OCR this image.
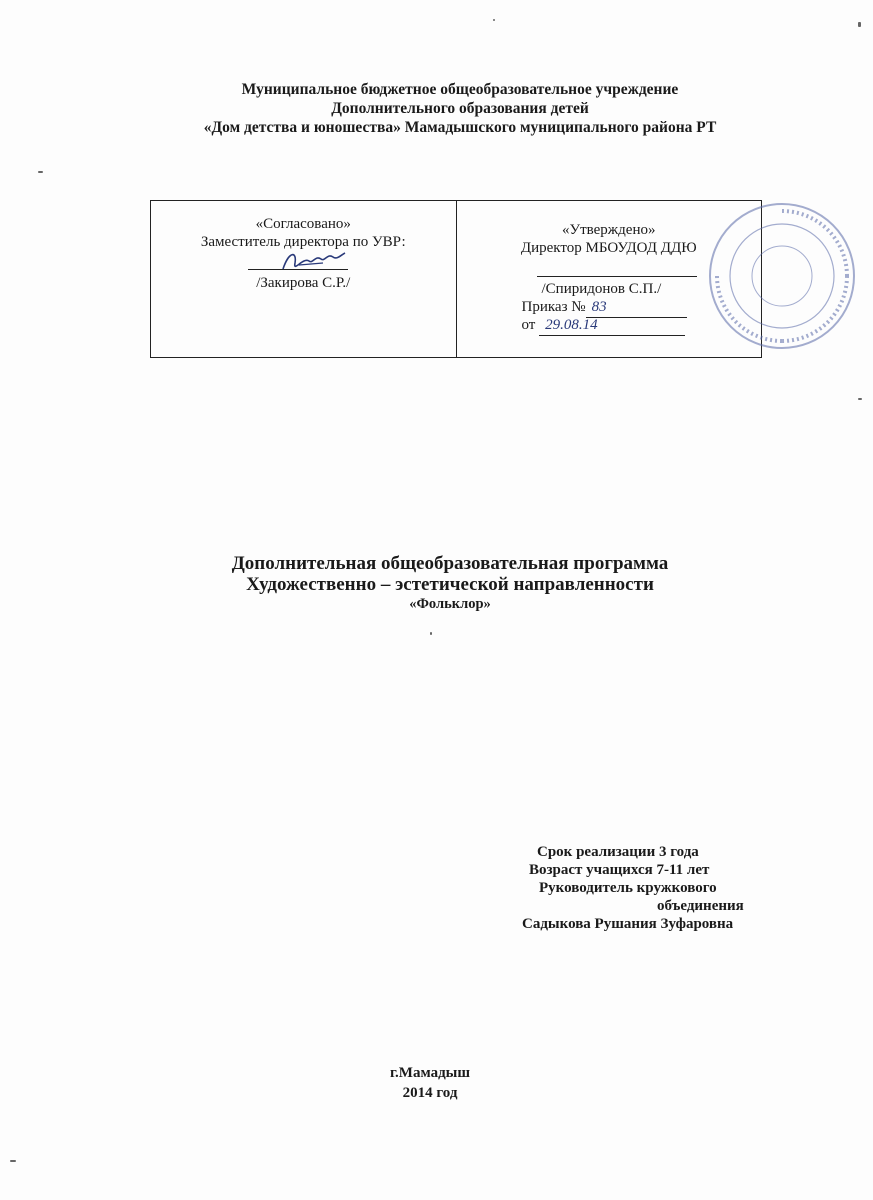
Муниципальное бюджетное общеобразовательное учреждение
Дополнительного образования детей
«Дом детства и юношества» Мамадышского муниципального района РТ
«Согласовано»
Заместитель директора по УВР:
/Закирова С.Р./
«Утверждено»
Директор МБОУДОД ДДЮ
/Спиридонов С.П./
Приказ № 83
от 29.08.14
Дополнительная общеобразовательная программа
Художественно – эстетической направленности
«Фольклор»
Срок реализации 3 года
Возраст учащихся 7-11 лет
Руководитель кружкового
объединения
Садыкова Рушания Зуфаровна
г.Мамадыш
2014 год
